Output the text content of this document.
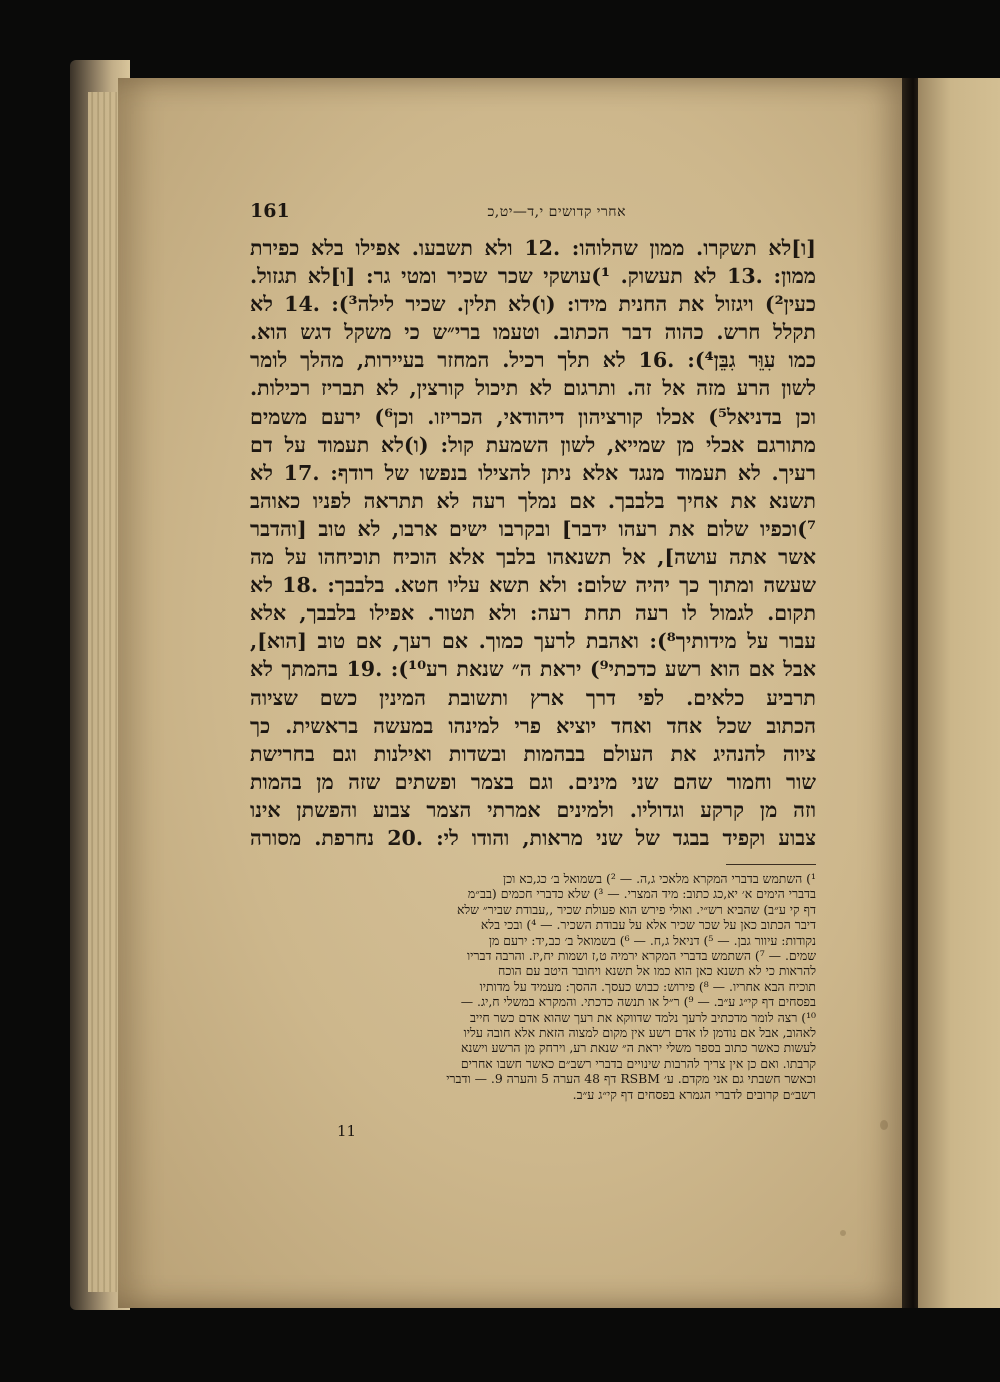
161	אחרי קדושים י,ד—יט,כ
[ו]לא תשקרו. ממון שהלוהו: .12 ולא תשבעו. אפילו בלא כפירת
ממון: .13 לא תעשוק. ¹)עושקי שכר שכיר ומטי גר: [ו]לא תגזול.
כעין²) ויגזול את החנית מידו: (ו)לא תלין. שכיר לילה³): .14 לא
תקלל חרש. כהוה דבר הכתוב. וטעמו ברי״ש כי משקל דגש הוא.
כמו עִוֵּר גִבֵּן⁴): .16 לא תלך רכיל. המחזר בעיירות, מהלך לומר
לשון הרע מזה אל זה. ותרגום לא תיכול קורצין, לא תבריז רכילות.
וכן בדניאל⁵) אכלו קורציהון דיהודאי, הכריזו. וכן⁶) ירעם משמים
מתורגם אכלי מן שמייא, לשון השמעת קול: (ו)לא תעמוד על דם
רעיך. לא תעמוד מנגד אלא ניתן להצילו בנפשו של רודף: .17 לא
תשנא את אחיך בלבבך. אם נמלך רעה לא תתראה לפניו כאוהב
⁷)וכפיו שלום את רעהו ידבר] ובקרבו ישים ארבו, לא טוב [והדבר
אשר אתה עושה], אל תשנאהו בלבך אלא הוכיח תוכיחהו על מה
שעשה ומתוך כך יהיה שלום: ולא תשא עליו חטא. בלבבך: .18 לא
תקום. לגמול לו רעה תחת רעה: ולא תטור. אפילו בלבבך, אלא
עבור על מידותיך⁸): ואהבת לרעך כמוך. אם רעך, אם טוב [הוא],
אבל אם הוא רשע כדכתי⁹) יראת ה״ שנאת רע¹⁰): .19 בהמתך לא
תרביע כלאים. לפי דרך ארץ ותשובת המינין כשם שציוה
הכתוב שכל אחד ואחד יוציא פרי למינהו במעשה בראשית. כך
ציוה להנהיג את העולם בבהמות ובשדות ואילנות וגם בחרישת
שור וחמור שהם שני מינים. וגם בצמר ופשתים שזה מן בהמות
וזה מן קרקע וגדוליו. ולמינים אמרתי הצמר צבוע והפשתן אינו
צבוע וקפיד בבגד של שני מראות, והודו לי: .20 נחרפת. מסורה
¹) השתמש בדברי המקרא מלאכי ג,ה. — ²) בשמואל ב׳ כג,כא וכן
בדברי הימים א׳ יא,כג כתוב: מיד המצרי. — ³) שלא כדברי חכמים (בב״מ
דף קי ע״ב) שהביא רש״י. ואולי פירש הוא פעולת שכיר ,,עבודת שביר״ שלא
דיבר הכתוב כאן על שכר שכיר אלא על עבודת השכיר. — ⁴) ובכי בלא
נקודות: עיוור גבן. — ⁵) דניאל ג,ח. — ⁶) בשמואל ב׳ כב,יד: ירעם מן
שמים. — ⁷) השתמש בדברי המקרא ירמיה ט,ז ושמות יח,יז. והרבה דבריו
להראות כי לא תשנא כאן הוא כמו אל תשנא ויחובר היטב עם הוכח
תוכיח הבא אחריו. — ⁸) פירוש: כבוש כעסך. ההסך: מעמיד על מדותיו
בפסחים דף קי״ג ע״ב. — ⁹) ר״ל או תנשה כדכתי. והמקרא במשלי ח,יג. —
¹⁰) רצה לומר מדכתיב לרעך נלמד שדווקא את רעך שהוא אדם כשר חייב
לאהוב, אבל אם נודמן לו אדם רשע אין מקום למצוה הזאת אלא חובה עליו
לעשות כאשר כתוב בספר משלי יראת ה״ שנאת רע, וירחק מן הרשע וישנא
קרבתו. ואם כן אין צריך להרבות שינויים בדברי רשב״ם כאשר חשבו אחרים
וכאשר חשבתי גם אני מקדם. ע׳ RSBM דף 48 הערה 5 והערה 9. — ודברי
רשב״ם קרובים לדברי הגמרא בפסחים דף קי״ג ע״ב.
11
